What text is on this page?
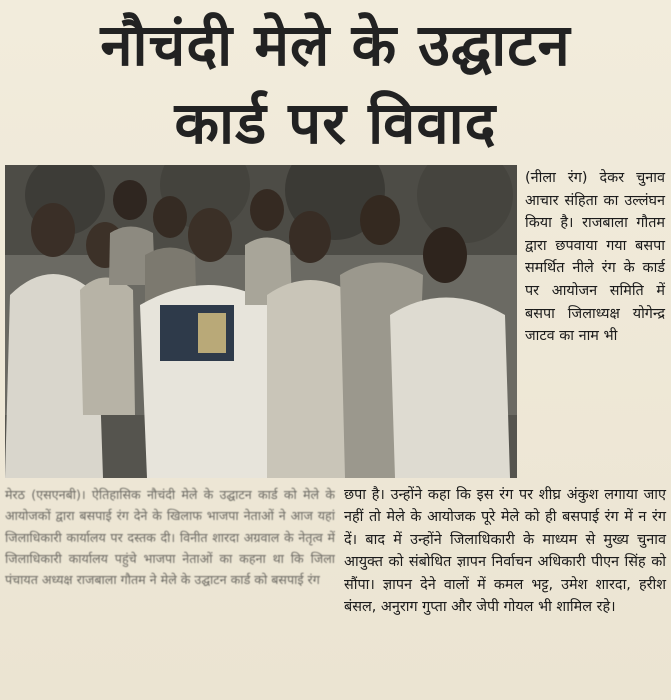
नौचंदी मेले के उद्घाटन
कार्ड पर विवाद

(नीला रंग) देकर चुनाव आचार संहिता का उल्लंघन किया है। राजबाला गौतम द्वारा छपवाया गया बसपा समर्थित नीले रंग के कार्ड पर आयोजन समिति में बसपा जिलाध्यक्ष योगेन्द्र जाटव का नाम भी

मेरठ (एसएनबी)। ऐतिहासिक नौचंदी मेले के उद्घाटन कार्ड को मेले के आयोजकों द्वारा बसपाई रंग देने के खिलाफ भाजपा नेताओं ने आज यहां जिलाधिकारी कार्यालय पर दस्तक दी। विनीत शारदा अग्रवाल के नेतृत्व में जिलाधिकारी कार्यालय पहुंचे भाजपा नेताओं का कहना था कि जिला पंचायत अध्यक्ष राजबाला गौतम ने मेले के उद्घाटन कार्ड को बसपाई रंग

छपा है। उन्होंने कहा कि इस रंग पर शीघ्र अंकुश लगाया जाए नहीं तो मेले के आयोजक पूरे मेले को ही बसपाई रंग में न रंग दें। बाद में उन्होंने जिलाधिकारी के माध्यम से मुख्य चुनाव आयुक्त को संबोधित ज्ञापन निर्वाचन अधिकारी पीएन सिंह को सौंपा। ज्ञापन देने वालों में कमल भट्ट, उमेश शारदा, हरीश बंसल, अनुराग गुप्ता और जेपी गोयल भी शामिल रहे।
